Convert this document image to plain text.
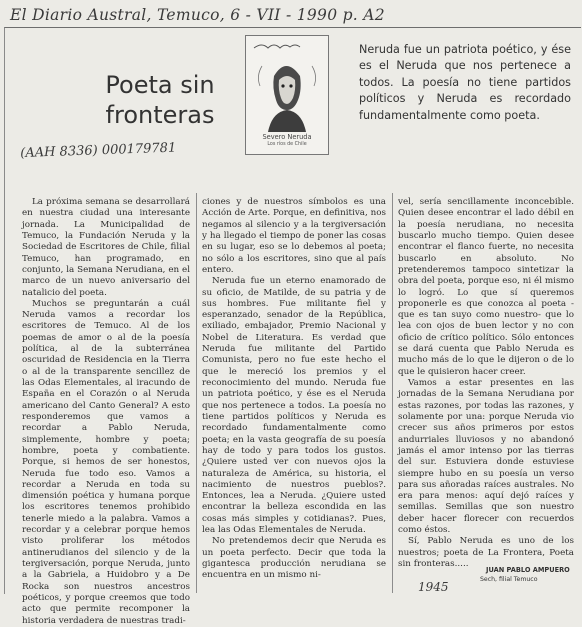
El Diario Austral, Temuco, 6 - VII - 1990 p. A2
Poeta sin
fronteras
(AAH 8336) 000179781
Severo Neruda
Los ríos de Chile
Neruda fue un patriota poético, y ése es el Neruda que nos pertenece a todos. La poesía no tiene partidos políticos y Neruda es recordado fundamentalmente como poeta.

La próxima semana se desarrollará en nuestra ciudad una interesante jornada. La Municipalidad de Temuco, la Fundación Neruda y la Sociedad de Escritores de Chile, filial Temuco, han programado, en conjunto, la Semana Nerudiana, en el marco de un nuevo aniversario del natalicio del poeta.

Muchos se preguntarán a cuál Neruda vamos a recordar los escritores de Temuco. Al de los poemas de amor o al de la poesía política, al de la subterránea oscuridad de Residencia en la Tierra o al de la transparente sencillez de las Odas Elementales, al iracundo de España en el Corazón o al Neruda americano del Canto General? A esto responderemos que vamos a recordar a Pablo Neruda, simplemente, hombre y poeta; hombre, poeta y combatiente. Porque, si hemos de ser honestos, Neruda fue todo eso. Vamos a recordar a Neruda en toda su dimensión poética y humana porque los escritores tenemos prohibido tenerle miedo a la palabra. Vamos a recordar y a celebrar porque hemos visto proliferar los métodos antinerudianos del silencio y de la tergiversación, porque Neruda, junto a la Gabriela, a Huidobro y a De Rocka son nuestros ancestros poéticos, y porque creemos que todo acto que permite recomponer la historia verdadera de nuestras tradi-

ciones y de nuestros símbolos es una Acción de Arte. Porque, en definitiva, nos negamos al silencio y a la tergiversación y ha llegado el tiempo de poner las cosas en su lugar, eso se lo debemos al poeta; no sólo a los escritores, sino que al país entero.

Neruda fue un eterno enamorado de su oficio, de Matilde, de su patria y de sus hombres. Fue militante fiel y esperanzado, senador de la República, exiliado, embajador, Premio Nacional y Nobel de Literatura. Es verdad que Neruda fue militante del Partido Comunista, pero no fue este hecho el que le mereció los premios y el reconocimiento del mundo. Neruda fue un patriota poético, y ése es el Neruda que nos pertenece a todos. La poesía no tiene partidos políticos y Neruda es recordado fundamentalmente como poeta; en la vasta geografía de su poesía hay de todo y para todos los gustos. ¿Quiere usted ver con nuevos ojos la naturaleza de América, su historia, el nacimiento de nuestros pueblos?. Entonces, lea a Neruda. ¿Quiere usted encontrar la belleza escondida en las cosas más simples y cotidianas?. Pues, lea las Odas Elementales de Neruda.

No pretendemos decir que Neruda es un poeta perfecto. Decir que toda la gigantesca producción nerudiana se encuentra en un mismo ni-

vel, sería sencillamente inconcebible. Quien desee encontrar el lado débil en la poesía nerudiana, no necesita buscarlo mucho tiempo. Quien desee encontrar el flanco fuerte, no necesita buscarlo en absoluto. No pretenderemos tampoco sintetizar la obra del poeta, porque eso, ni él mismo lo logró. Lo que sí queremos proponerle es que conozca al poeta -que es tan suyo como nuestro- que lo lea con ojos de buen lector y no con oficio de crítico político. Sólo entonces se dará cuenta que Pablo Neruda es mucho más de lo que le dijeron o de lo que le quisieron hacer creer.

Vamos a estar presentes en las jornadas de la Semana Nerudiana por estas razones, por todas las razones, y solamente por una: porque Neruda vio crecer sus años primeros por estos andurriales lluviosos y no abandonó jamás el amor intenso por las tierras del sur. Estuviera donde estuviese siempre hubo en su poesía un verso para sus añoradas raíces australes. No era para menos: aquí dejó raíces y semillas. Semillas que son nuestro deber hacer florecer con recuerdos como éstos.

Sí, Pablo Neruda es uno de los nuestros; poeta de La Frontera, Poeta sin fronteras.....

1945
JUAN PABLO AMPUERO
Sech, filial Temuco
